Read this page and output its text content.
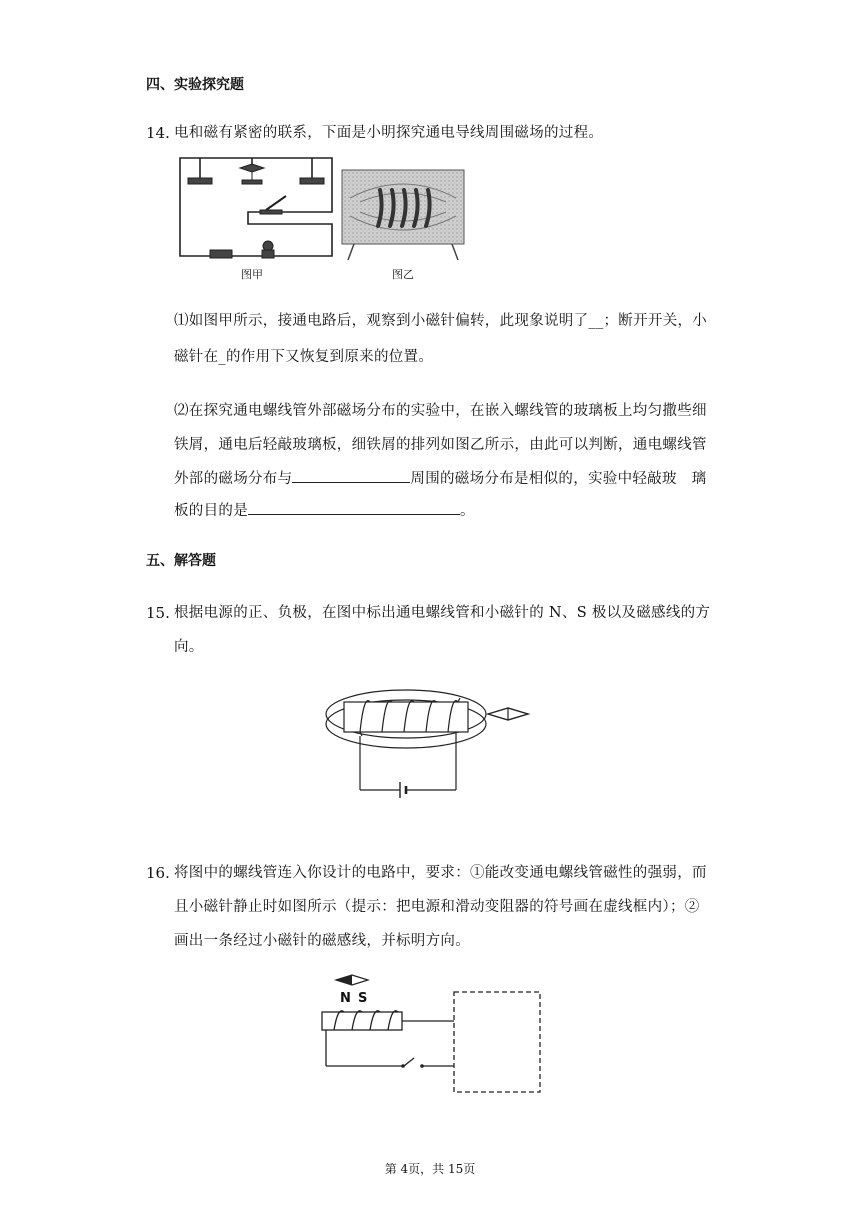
四、实验探究题
14. 电和磁有紧密的联系，下面是小明探究通电导线周围磁场的过程。
图甲	图乙
⑴如图甲所示，接通电路后，观察到小磁针偏转，此现象说明了__；断开开关，小
磁针在_的作用下又恢复到原来的位置。
⑵在探究通电螺线管外部磁场分布的实验中，在嵌入螺线管的玻璃板上均匀撒些细
铁屑，通电后轻敲玻璃板，细铁屑的排列如图乙所示，由此可以判断，通电螺线管
外部的磁场分布与	周围的磁场分布是相似的，实验中轻敲玻　璃
板的目的是	。
五、解答题
15. 根据电源的正、负极，在图中标出通电螺线管和小磁针的 N、S 极以及磁感线的方
向。
16. 将图中的螺线管连入你设计的电路中，要求：①能改变通电螺线管磁性的强弱，而
且小磁针静止时如图所示（提示：把电源和滑动变阻器的符号画在虚线框内）；②
画出一条经过小磁针的磁感线，并标明方向。
N S
第 4页，共 15页
